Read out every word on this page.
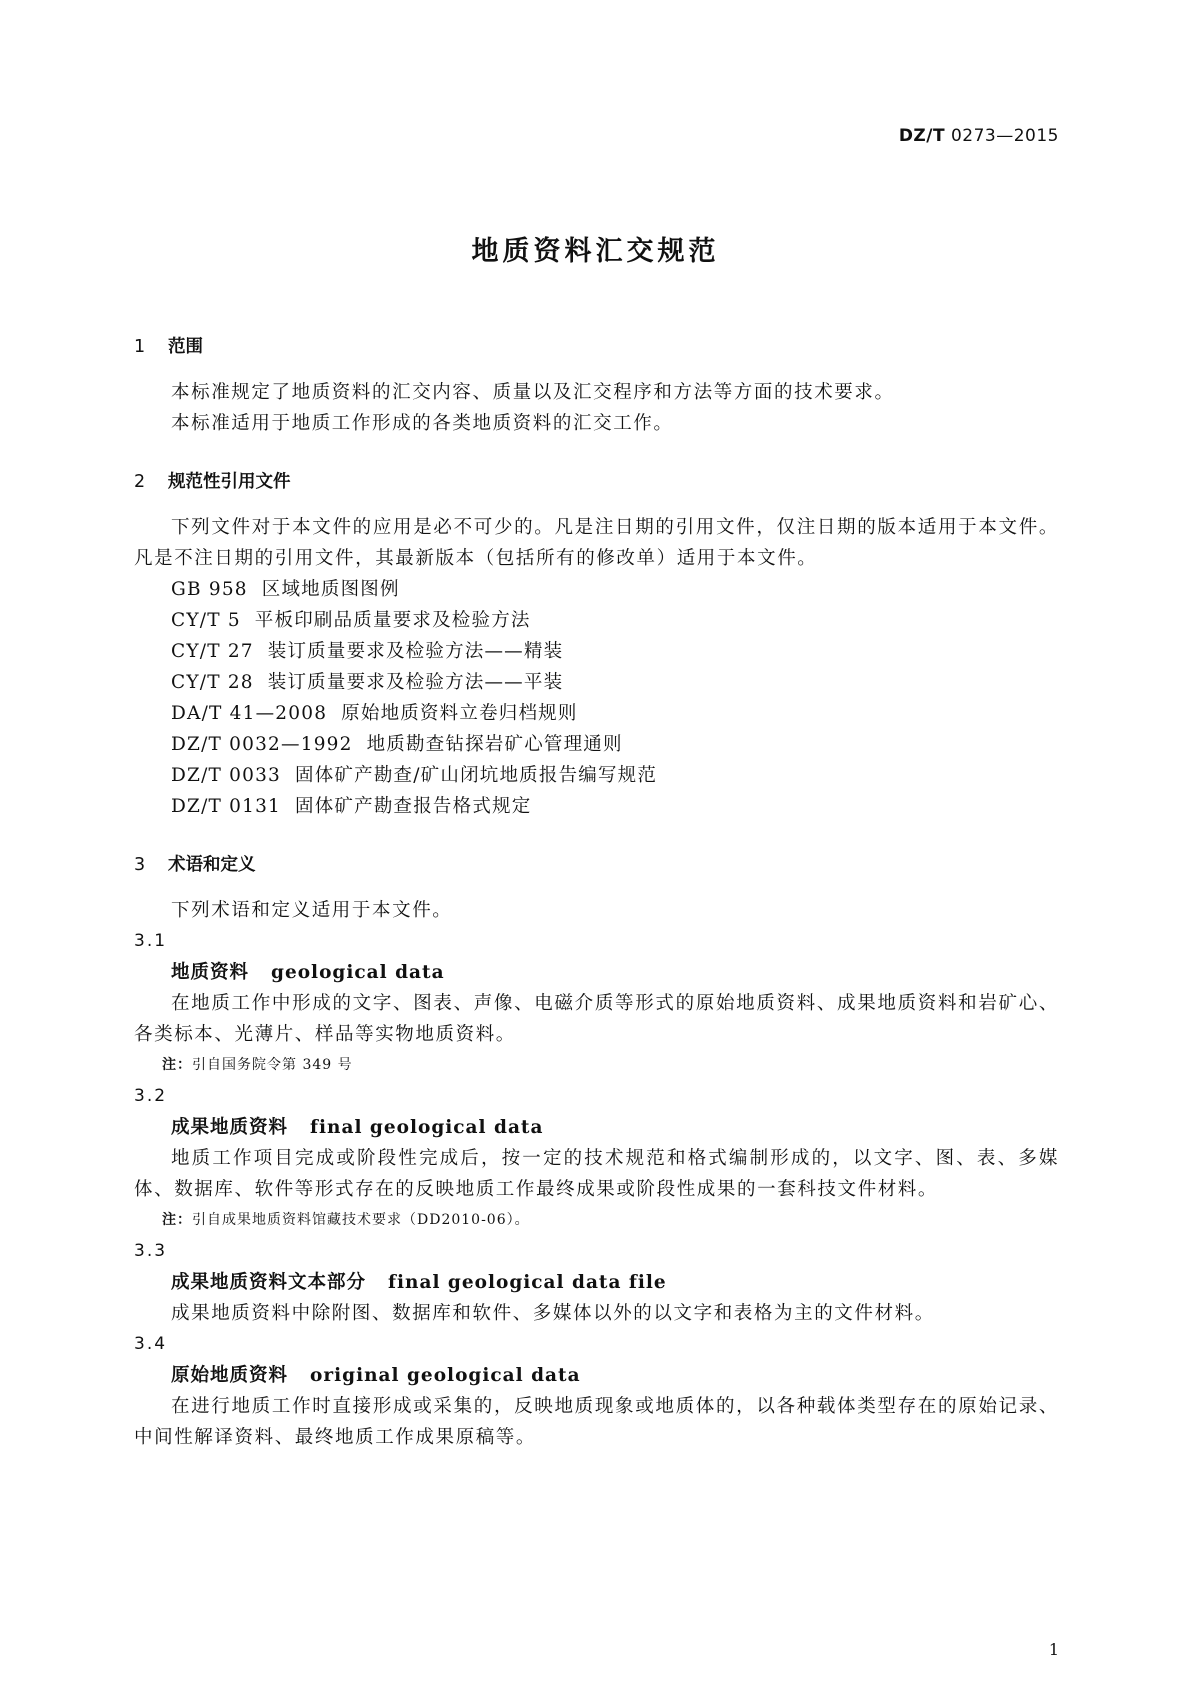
DZ/T 0273—2015
地质资料汇交规范

1 范围

本标准规定了地质资料的汇交内容、质量以及汇交程序和方法等方面的技术要求。

本标准适用于地质工作形成的各类地质资料的汇交工作。

2 规范性引用文件

下列文件对于本文件的应用是必不可少的。凡是注日期的引用文件，仅注日期的版本适用于本文件。凡是不注日期的引用文件，其最新版本（包括所有的修改单）适用于本文件。

GB 958 区域地质图图例

CY/T 5 平板印刷品质量要求及检验方法

CY/T 27 装订质量要求及检验方法——精装

CY/T 28 装订质量要求及检验方法——平装

DA/T 41—2008 原始地质资料立卷归档规则

DZ/T 0032—1992 地质勘查钻探岩矿心管理通则

DZ/T 0033 固体矿产勘查/矿山闭坑地质报告编写规范

DZ/T 0131 固体矿产勘查报告格式规定

3 术语和定义

下列术语和定义适用于本文件。

3.1

地质资料 geological data

在地质工作中形成的文字、图表、声像、电磁介质等形式的原始地质资料、成果地质资料和岩矿心、各类标本、光薄片、样品等实物地质资料。

注：引自国务院令第 349 号

3.2

成果地质资料 final geological data

地质工作项目完成或阶段性完成后，按一定的技术规范和格式编制形成的，以文字、图、表、多媒体、数据库、软件等形式存在的反映地质工作最终成果或阶段性成果的一套科技文件材料。

注：引自成果地质资料馆藏技术要求（DD2010-06）。

3.3

成果地质资料文本部分 final geological data file

成果地质资料中除附图、数据库和软件、多媒体以外的以文字和表格为主的文件材料。

3.4

原始地质资料 original geological data

在进行地质工作时直接形成或采集的，反映地质现象或地质体的，以各种载体类型存在的原始记录、中间性解译资料、最终地质工作成果原稿等。

1
